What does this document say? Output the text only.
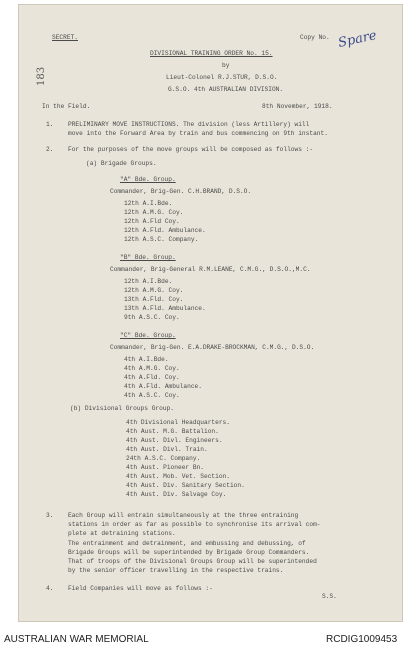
SECRET.	Copy No. Spare
183
DIVISIONAL TRAINING ORDER No. 15.
by
Lieut-Colonel R.J.STUR, D.S.O.
G.S.O. 4th AUSTRALIAN DIVISION.
In the Field.	8th November, 1918.
1. PRELIMINARY MOVE INSTRUCTIONS. The division (less Artillery) will
move into the Forward Area by train and bus commencing on 9th instant.
2. For the purposes of the move groups will be composed as follows :-
(a) Brigade Groups.
"A" Bde. Group.
Commander, Brig-Gen. C.H.BRAND, D.S.O.
12th A.I.Bde.
12th A.M.G. Coy.
12th A.Fld Coy.
12th A.Fld. Ambulance.
12th A.S.C. Company.
"B" Bde. Group.
Commander, Brig-General R.M.LEANE, C.M.G., D.S.O.,M.C.
12th A.I.Bde.
12th A.M.G. Coy.
13th A.Fld. Coy.
13th A.Fld. Ambulance.
9th A.S.C. Coy.
"C" Bde. Group.
Commander, Brig-Gen. E.A.DRAKE-BROCKMAN, C.M.G., D.S.O.
4th A.I.Bde.
4th A.M.G. Coy.
4th A.Fld. Coy.
4th A.Fld. Ambulance.
4th A.S.C. Coy.
(b) Divisional Groups Group.
4th Divisional Headquarters.
4th Aust. M.G. Battalion.
4th Aust. Divl. Engineers.
4th Aust. Divl. Train.
24th A.S.C. Company.
4th Aust. Pioneer Bn.
4th Aust. Mob. Vet. Section.
4th Aust. Div. Sanitary Section.
4th Aust. Div. Salvage Coy.
3. Each Group will entrain simultaneously at the three entraining
stations in order as far as possible to synchronise its arrival com-
plete at detraining stations.
The entrainment and detrainment, and embussing and debussing, of
Brigade Groups will be superintended by Brigade Group Commanders.
That of troops of the Divisional Groups Group will be superintended
by the senior officer travelling in the respective trains.
4. Field Companies will move as follows :-
S.S.
AUSTRALIAN WAR MEMORIAL	RCDIG1009453
